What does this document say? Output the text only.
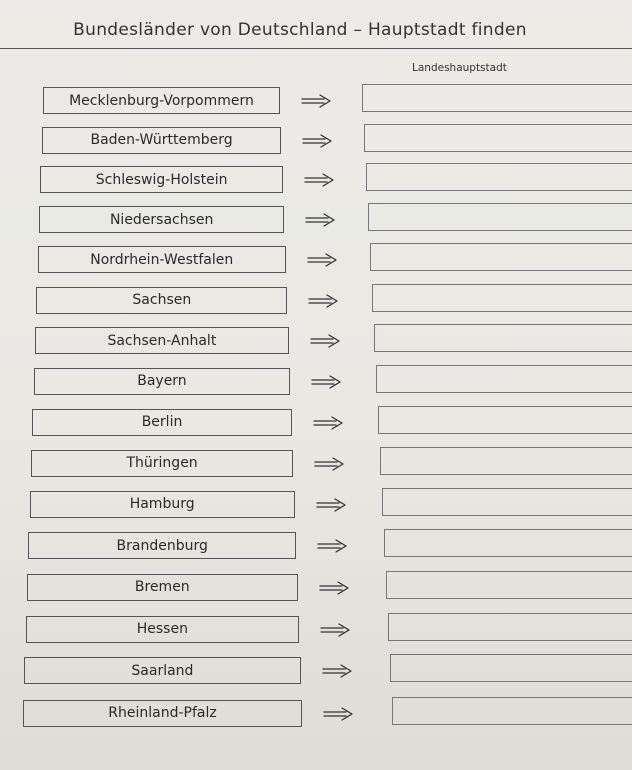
Bundesländer von Deutschland – Hauptstadt finden
Landeshauptstadt
Mecklenburg-Vorpommern
Baden-Württemberg
Schleswig-Holstein
Niedersachsen
Nordrhein-Westfalen
Sachsen
Sachsen-Anhalt
Bayern
Berlin
Thüringen
Hamburg
Brandenburg
Bremen
Hessen
Saarland
Rheinland-Pfalz
